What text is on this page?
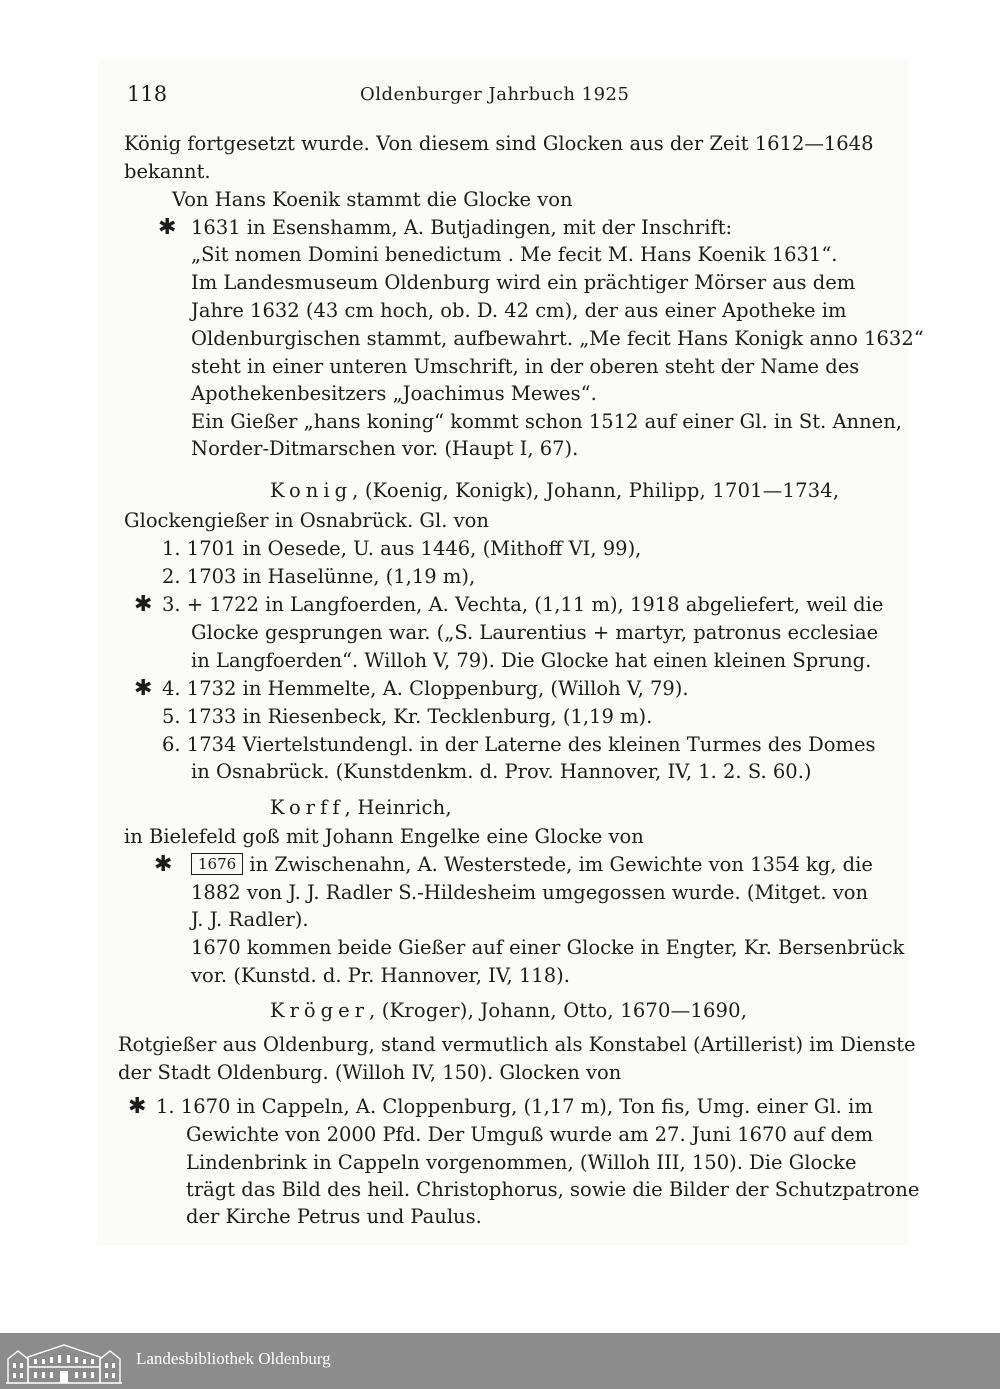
118	Oldenburger Jahrbuch 1925
König fortgesetzt wurde. Von diesem sind Glocken aus der Zeit 1612—1648
bekannt.
Von Hans Koenik stammt die Glocke von
✱ 1631 in Esenshamm, A. Butjadingen, mit der Inschrift:
„Sit nomen Domini benedictum . Me fecit M. Hans Koenik 1631“.
Im Landesmuseum Oldenburg wird ein prächtiger Mörser aus dem
Jahre 1632 (43 cm hoch, ob. D. 42 cm), der aus einer Apotheke im
Oldenburgischen stammt, aufbewahrt. „Me fecit Hans Konigk anno 1632“
steht in einer unteren Umschrift, in der oberen steht der Name des
Apothekenbesitzers „Joachimus Mewes“.
Ein Gießer „hans koning“ kommt schon 1512 auf einer Gl. in St. Annen,
Norder-Ditmarschen vor. (Haupt I, 67).
Konig, (Koenig, Konigk), Johann, Philipp, 1701—1734,
Glockengießer in Osnabrück. Gl. von
1. 1701 in Oesede, U. aus 1446, (Mithoff VI, 99),
2. 1703 in Haselünne, (1,19 m),
✱ 3. + 1722 in Langfoerden, A. Vechta, (1,11 m), 1918 abgeliefert, weil die
Glocke gesprungen war. („S. Laurentius + martyr, patronus ecclesiae
in Langfoerden“. Willoh V, 79). Die Glocke hat einen kleinen Sprung.
✱ 4. 1732 in Hemmelte, A. Cloppenburg, (Willoh V, 79).
5. 1733 in Riesenbeck, Kr. Tecklenburg, (1,19 m).
6. 1734 Viertelstundengl. in der Laterne des kleinen Turmes des Domes
in Osnabrück. (Kunstdenkm. d. Prov. Hannover, IV, 1. 2. S. 60.)
Korff, Heinrich,
in Bielefeld goß mit Johann Engelke eine Glocke von
✱	1676 in Zwischenahn, A. Westerstede, im Gewichte von 1354 kg, die
1882 von J. J. Radler S.-Hildesheim umgegossen wurde. (Mitget. von
J. J. Radler).
1670 kommen beide Gießer auf einer Glocke in Engter, Kr. Bersenbrück
vor. (Kunstd. d. Pr. Hannover, IV, 118).
Kröger, (Kroger), Johann, Otto, 1670—1690,
Rotgießer aus Oldenburg, stand vermutlich als Konstabel (Artillerist) im Dienste
der Stadt Oldenburg. (Willoh IV, 150). Glocken von
✱ 1. 1670 in Cappeln, A. Cloppenburg, (1,17 m), Ton fis, Umg. einer Gl. im
Gewichte von 2000 Pfd. Der Umguß wurde am 27. Juni 1670 auf dem
Lindenbrink in Cappeln vorgenommen, (Willoh III, 150). Die Glocke
trägt das Bild des heil. Christophorus, sowie die Bilder der Schutzpatrone
der Kirche Petrus und Paulus.
Landesbibliothek Oldenburg
